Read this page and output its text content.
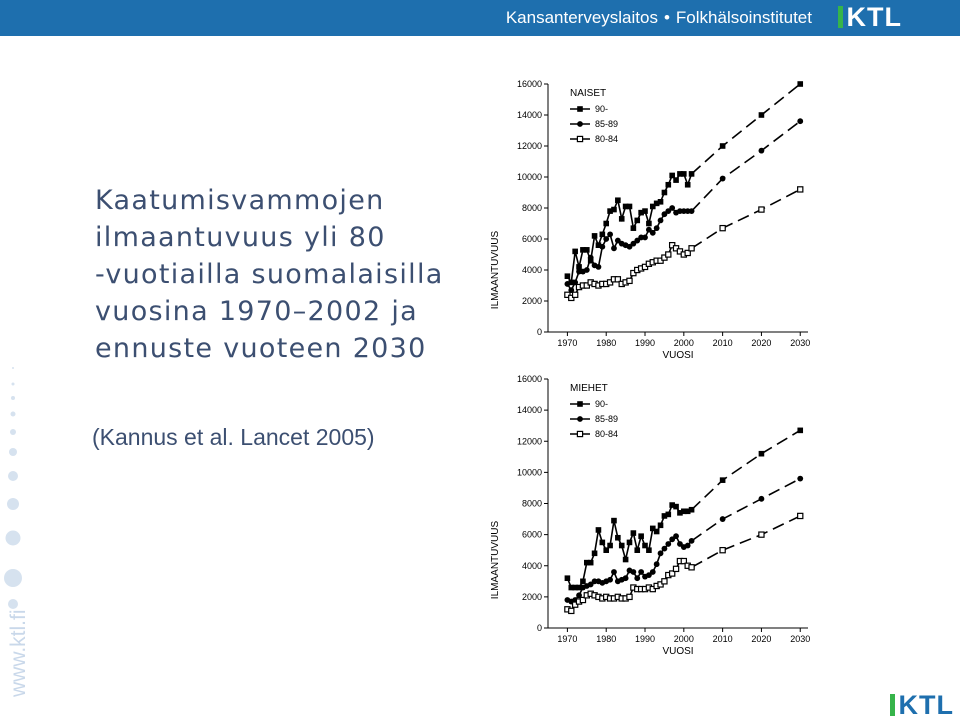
Kansanterveyslaitos • Folkhälsoinstitutet	KTL
www.ktl.fi
Kaatumisvammojen
ilmaantuvuus yli 80
-vuotiailla suomalaisilla
vuosina 1970–2002 ja
ennuste vuoteen 2030
(Kannus et al. Lancet 2005)
0
2000
4000
6000
8000
10000
12000
14000
16000
1970 1980 1990 2000 2010 2020 2030
VUOSI
ILMAANTUVUUS
NAISET
90-
85-89
80-84
0
2000
4000
6000
8000
10000
12000
14000
16000
1970 1980 1990 2000 2010 2020 2030
VUOSI
ILMAANTUVUUS
MIEHET
90-
85-89
80-84
KTL
